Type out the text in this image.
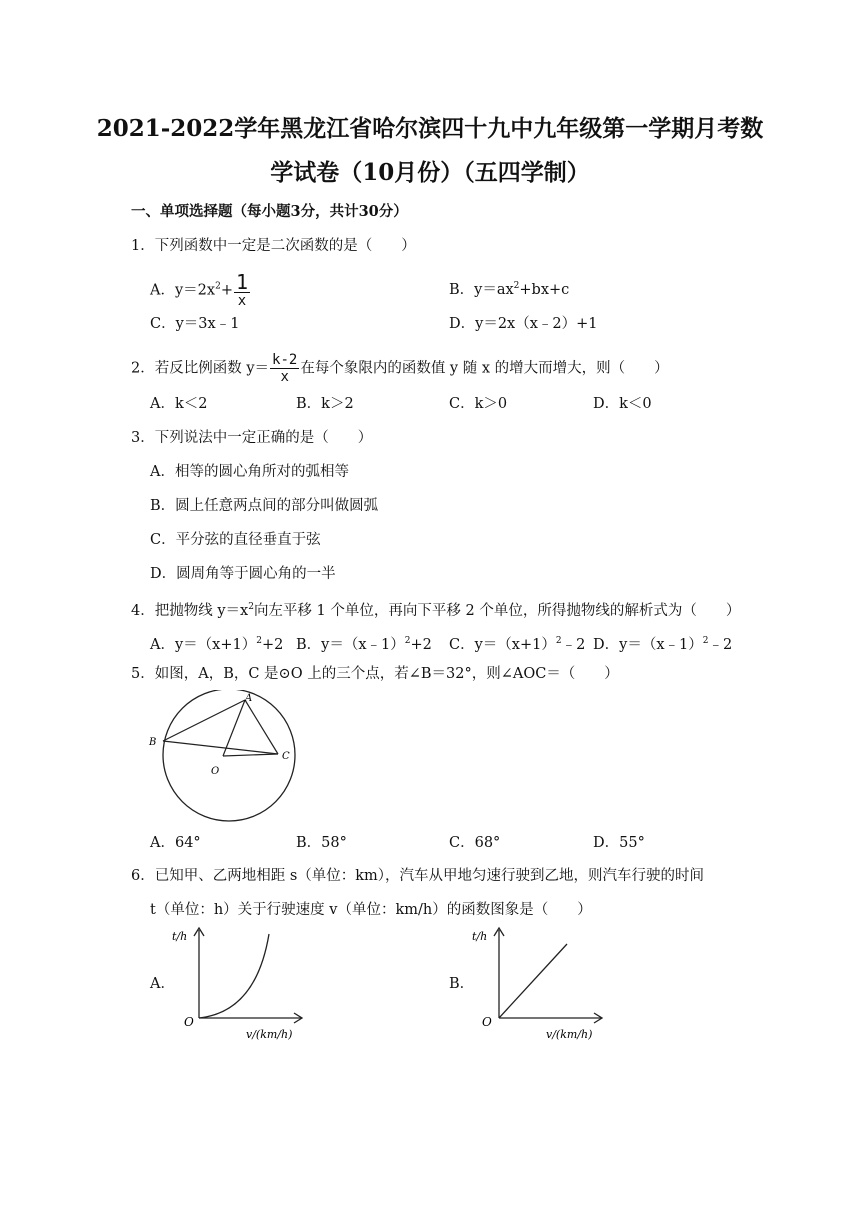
2021-2022学年黑龙江省哈尔滨四十九中九年级第一学期月考数
学试卷（10月份）（五四学制）
一、单项选择题（每小题3分，共计30分）
1．下列函数中一定是二次函数的是（　　）
A．$y=2x^2+ \frac{1}{x}$	B．$y=ax^2+bx+c$
C．y＝3x﹣1	D．y＝2x（x﹣2）+1
2．若反比例函数 $y= \frac{k-2}{x}$ 在每个象限内的函数值 y 随 x 的增大而增大，则（　　）
A．k＜2	B．k＞2	C．k＞0	D．k＜0
3．下列说法中一定正确的是（　　）
A．相等的圆心角所对的弧相等
B．圆上任意两点间的部分叫做圆弧
C．平分弦的直径垂直于弦
D．圆周角等于圆心角的一半
4．把抛物线 $y=x^2$向左平移 1 个单位，再向下平移 2 个单位，所得抛物线的解析式为（　　）
A．$y=(x+1)^2+2$ B．y＝（x﹣1）$^2$+2 C．$y=(x+1)^2﹣2$ D．y＝（x﹣1）$^2$﹣2
5．如图，A，B，C 是⊙O 上的三个点，若∠B＝32°，则∠AOC＝（　　）
A
B
C
O
A．64°	B．58°	C．68°	D．55°
6．已知甲、乙两地相距 s（单位：km），汽车从甲地匀速行驶到乙地，则汽车行驶的时间
t（单位：h）关于行驶速度 v（单位：km/h）的函数图象是（　　）
A．
t/h
O
v/(km/h)
B．
t/h
O
v/(km/h)
